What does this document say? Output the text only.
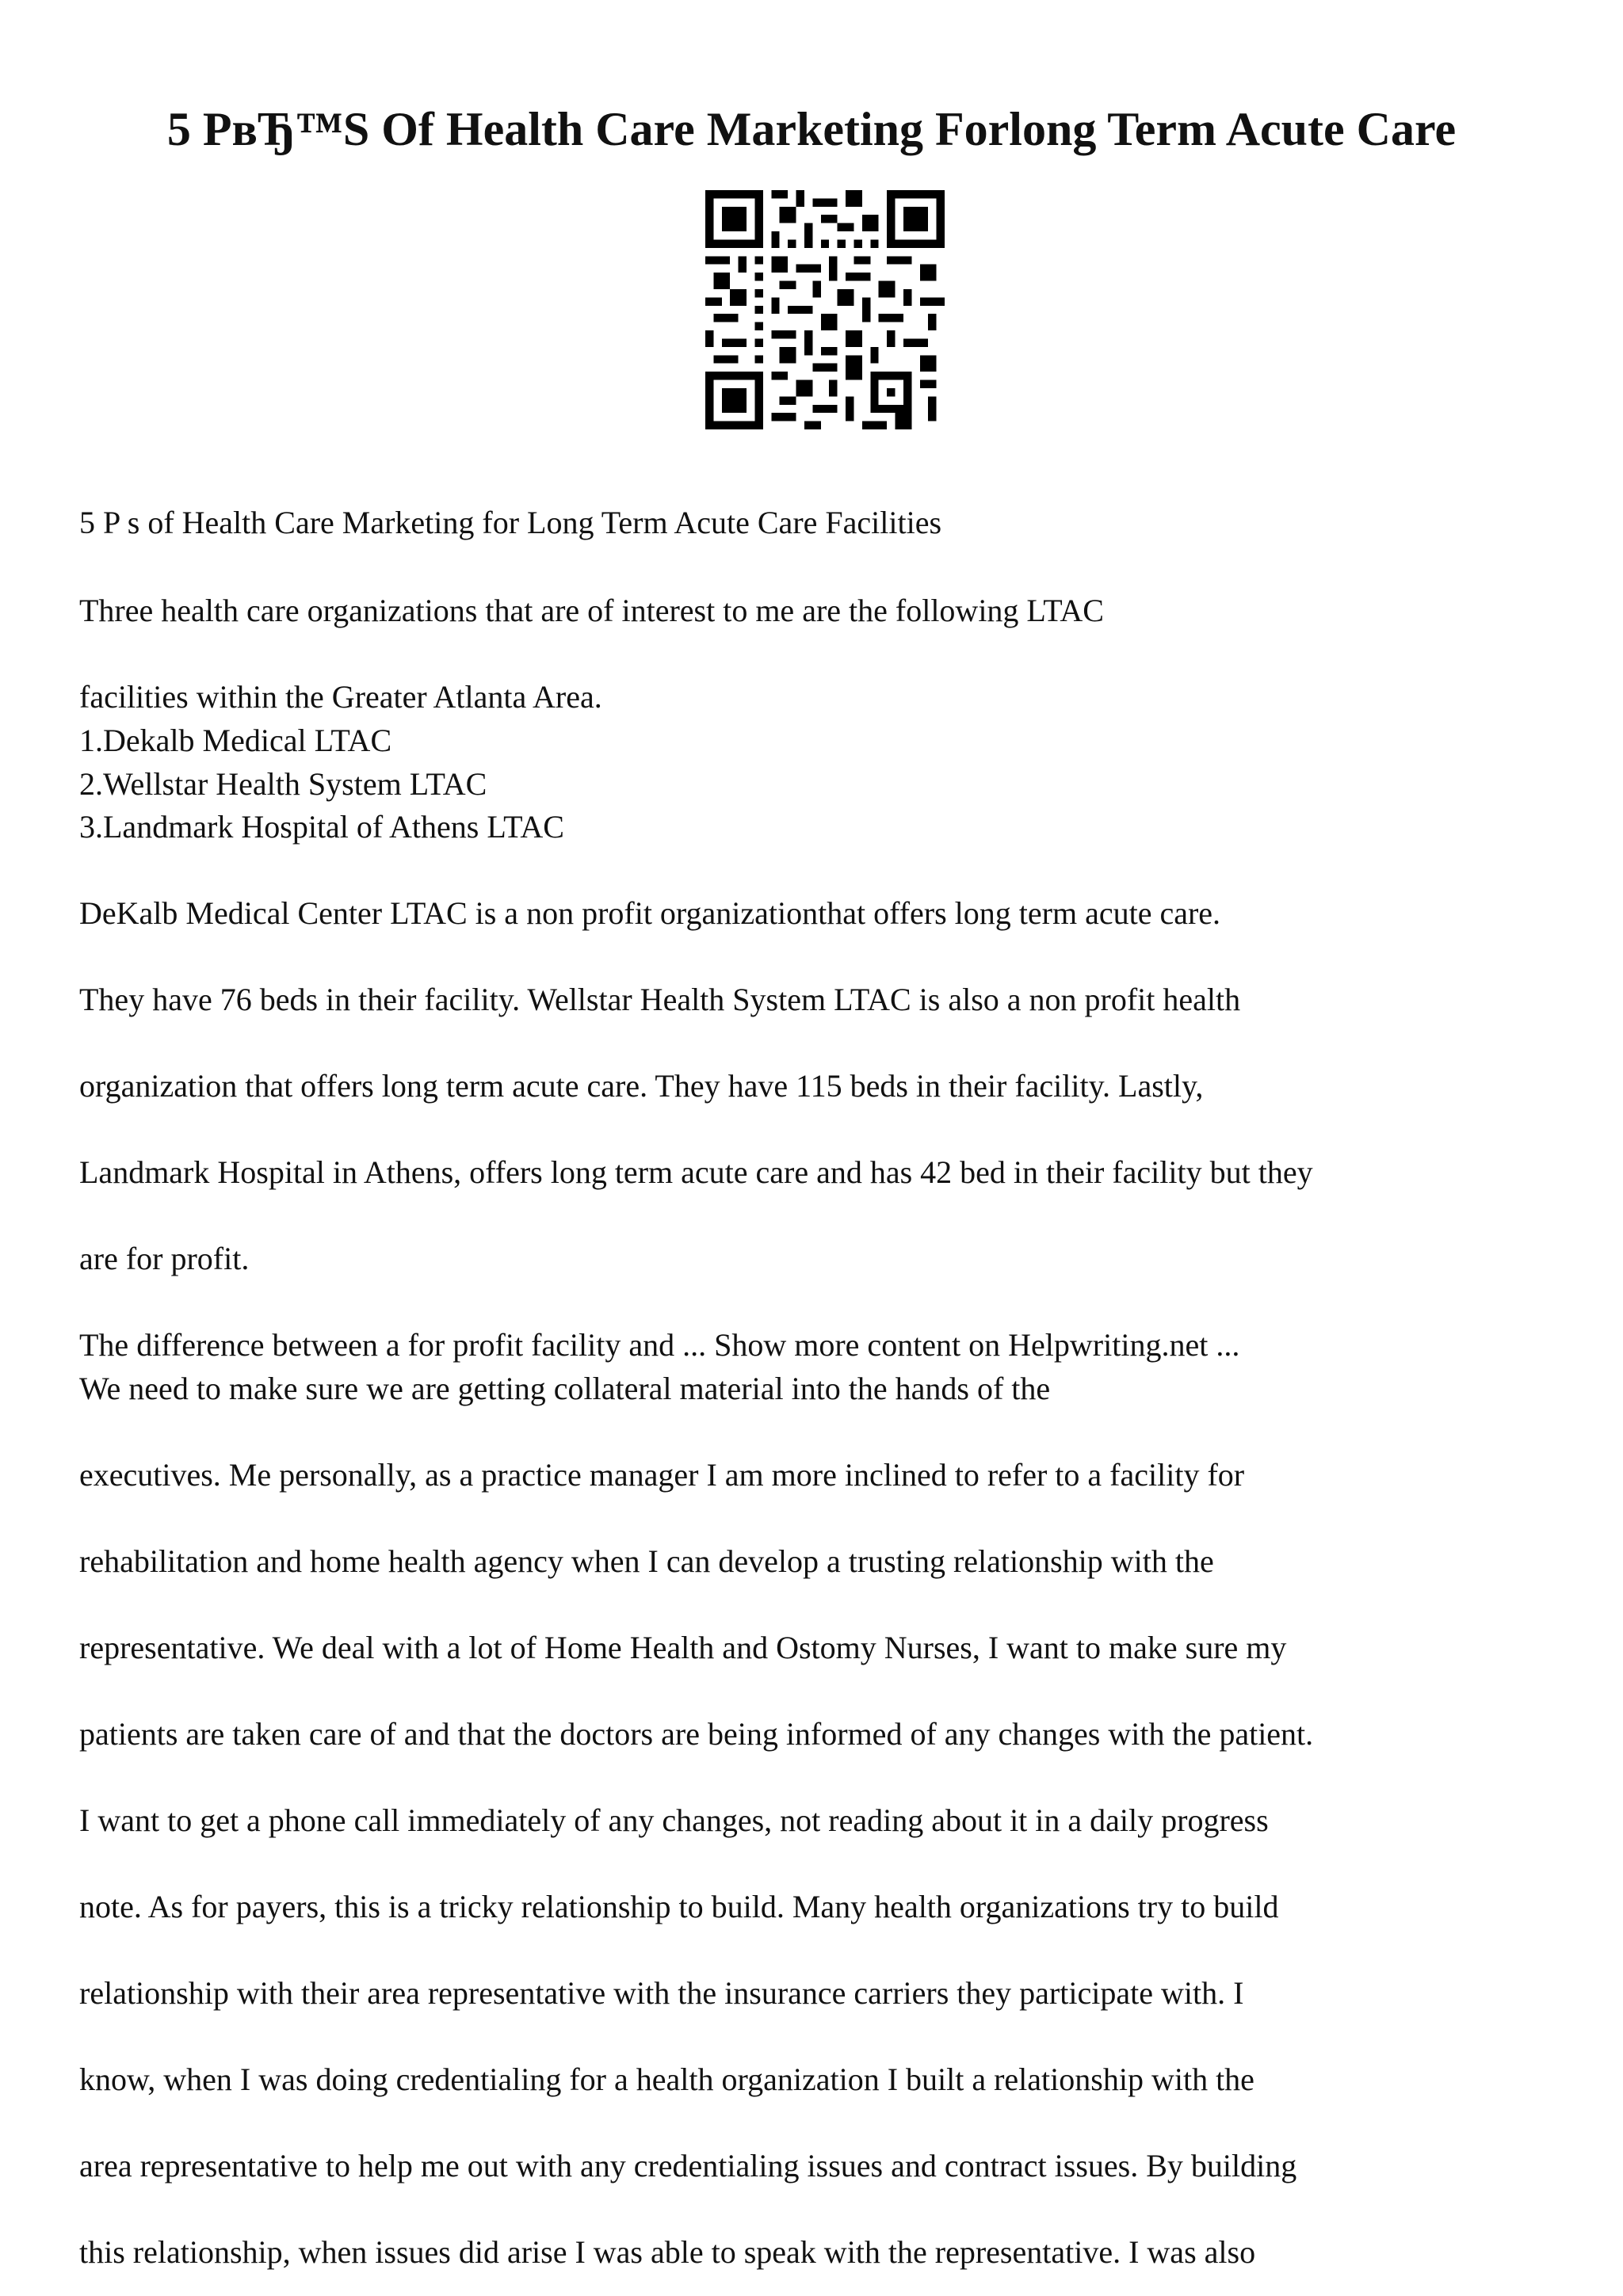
5 PвЂ™S Of Health Care Marketing Forlong Term Acute Care

5 P s of Health Care Marketing for Long Term Acute Care Facilities

Three health care organizations that are of interest to me are the following LTAC

facilities within the Greater Atlanta Area.

1.Dekalb Medical LTAC

2.Wellstar Health System LTAC

3.Landmark Hospital of Athens LTAC

DeKalb Medical Center LTAC is a non profit organizationthat offers long term acute care.

They have 76 beds in their facility. Wellstar Health System LTAC is also a non profit health

organization that offers long term acute care. They have 115 beds in their facility. Lastly,

Landmark Hospital in Athens, offers long term acute care and has 42 bed in their facility but they

are for profit.

The difference between a for profit facility and ... Show more content on Helpwriting.net ...

We need to make sure we are getting collateral material into the hands of the

executives. Me personally, as a practice manager I am more inclined to refer to a facility for

rehabilitation and home health agency when I can develop a trusting relationship with the

representative. We deal with a lot of Home Health and Ostomy Nurses, I want to make sure my

patients are taken care of and that the doctors are being informed of any changes with the patient.

I want to get a phone call immediately of any changes, not reading about it in a daily progress

note. As for payers, this is a tricky relationship to build. Many health organizations try to build

relationship with their area representative with the insurance carriers they participate with. I

know, when I was doing credentialing for a health organization I built a relationship with the

area representative to help me out with any credentialing issues and contract issues. By building

this relationship, when issues did arise I was able to speak with the representative. I was also
